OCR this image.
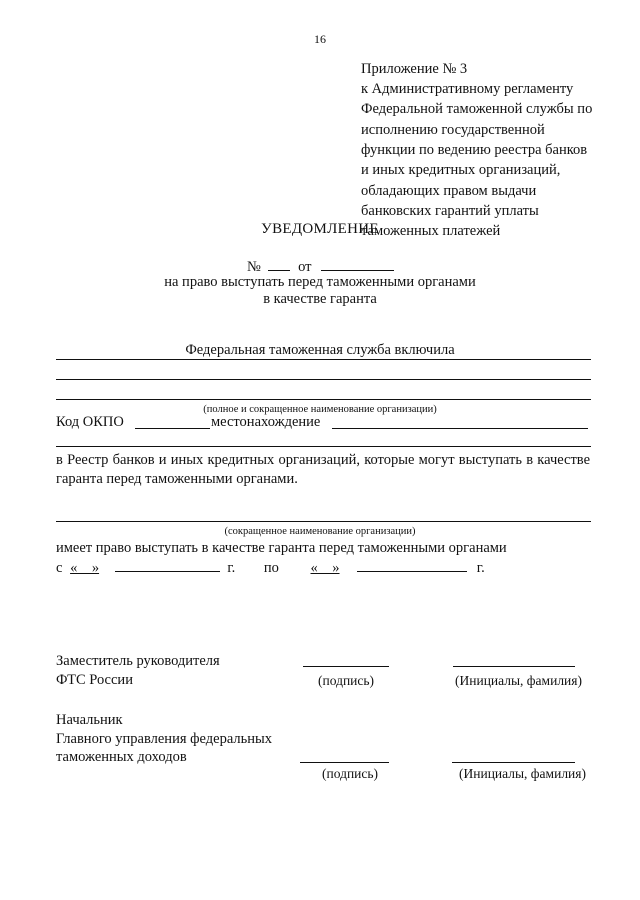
16
Приложение № 3
к Административному регламенту
Федеральной таможенной службы по
исполнению государственной
функции по ведению реестра банков
и иных кредитных организаций,
обладающих правом выдачи
банковских гарантий уплаты
таможенных платежей
УВЕДОМЛЕНИЕ
№	от
на право выступать перед таможенными органами
в качестве гаранта
Федеральная таможенная служба включила
(полное и сокращенное наименование организации)
Код ОКПО	местонахождение
в Реестр банков и иных кредитных организаций, которые могут выступать в качестве гаранта перед таможенными органами.
(сокращенное наименование организации)
имеет право выступать в качестве гаранта перед таможенными органами
с «    »	г. по «    »	г.
Заместитель руководителя
ФТС России	(подпись)	(Инициалы, фамилия)
Начальник
Главного управления федеральных
таможенных доходов
(подпись)	(Инициалы, фамилия)
